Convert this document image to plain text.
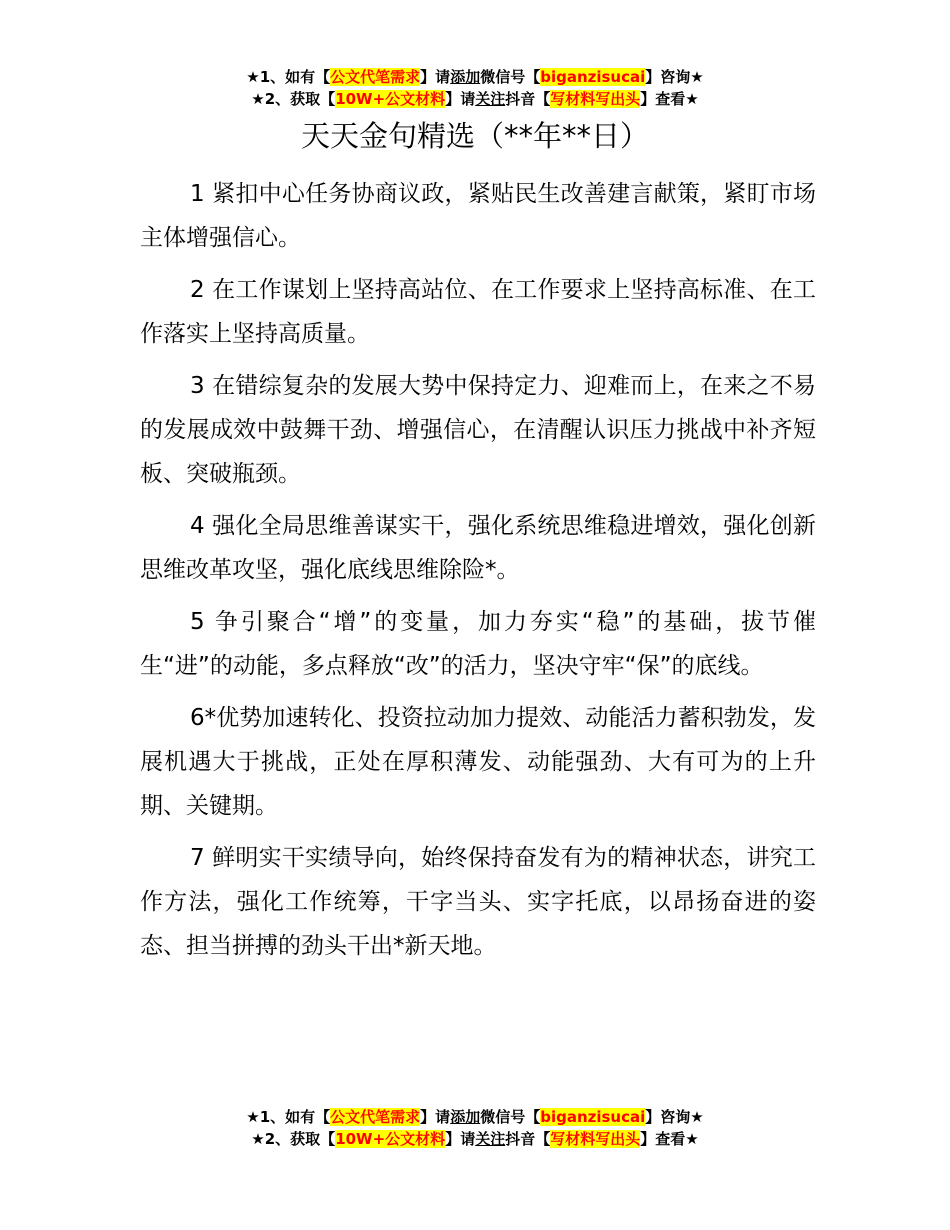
★1、如有【公文代笔需求】请添加微信号【biganzisucai】咨询★
★2、获取【10W+公文材料】请关注抖音【写材料写出头】查看★
天天金句精选（**年**日）

1 紧扣中心任务协商议政，紧贴民生改善建言献策，紧盯市场主体增强信心。

2 在工作谋划上坚持高站位、在工作要求上坚持高标准、在工作落实上坚持高质量。

3 在错综复杂的发展大势中保持定力、迎难而上，在来之不易的发展成效中鼓舞干劲、增强信心，在清醒认识压力挑战中补齐短板、突破瓶颈。

4 强化全局思维善谋实干，强化系统思维稳进增效，强化创新思维改革攻坚，强化底线思维除险*。

5 争引聚合“增”的变量，加力夯实“稳”的基础，拔节催生“进”的动能，多点释放“改”的活力，坚决守牢“保”的底线。

6*优势加速转化、投资拉动加力提效、动能活力蓄积勃发，发展机遇大于挑战，正处在厚积薄发、动能强劲、大有可为的上升期、关键期。

7 鲜明实干实绩导向，始终保持奋发有为的精神状态，讲究工作方法，强化工作统筹，干字当头、实字托底，以昂扬奋进的姿态、担当拼搏的劲头干出*新天地。

★1、如有【公文代笔需求】请添加微信号【biganzisucai】咨询★
★2、获取【10W+公文材料】请关注抖音【写材料写出头】查看★
